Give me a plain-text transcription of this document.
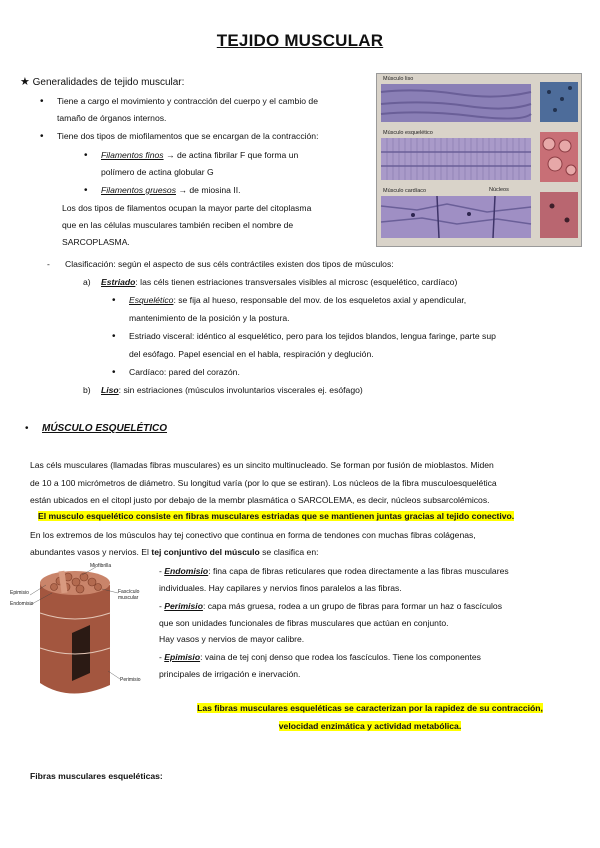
TEJIDO MUSCULAR
★ Generalidades de tejido muscular:
• Tiene a cargo el movimiento y contracción del cuerpo y el cambio de
tamaño de órganos internos.
• Tiene dos tipos de miofilamentos que se encargan de la contracción:
• Filamentos finos → de actina fibrilar F que forma un
polímero de actina globular G
• Filamentos gruesos → de miosina II.
Los dos tipos de filamentos ocupan la mayor parte del citoplasma
que en las células musculares también reciben el nombre de
SARCOPLASMA.
Músculo liso
Músculo esquelético
Músculo cardíaco	Núcleos
- Clasificación: según el aspecto de sus céls contráctiles existen dos tipos de músculos:
a) Estriado: las céls tienen estriaciones transversales visibles al microsc (esquelético, cardíaco)
• Esquelético: se fija al hueso, responsable del mov. de los esqueletos axial y apendicular,
mantenimiento de la posición y la postura.
• Estriado visceral: idéntico al esquelético, pero para los tejidos blandos, lengua faringe, parte sup
del esófago. Papel esencial en el habla, respiración y deglución.
• Cardíaco: pared del corazón.
b) Liso: sin estriaciones (músculos involuntarios viscerales ej. esófago)
• MÚSCULO ESQUELÉTICO
Las céls musculares (llamadas fibras musculares) es un sincito multinucleado. Se forman por fusión de mioblastos. Miden
de 10 a 100 micrómetros de diámetro. Su longitud varía (por lo que se estiran). Los núcleos de la fibra musculoesquelética
están ubicados en el citopl justo por debajo de la membr plasmática o SARCOLEMA, es decir, núcleos subsarcolémicos.
El musculo esquelético consiste en fibras musculares estriadas que se mantienen juntas gracias al tejido conectivo.
En los extremos de los músculos hay tej conectivo que continua en forma de tendones con muchas fibras colágenas,
abundantes vasos y nervios. El tej conjuntivo del músculo se clasifica en:
Miofibrilla
Epimisio
Endomisio
Fascículo muscular
Perimisio
- Endomisio: fina capa de fibras reticulares que rodea directamente a las fibras musculares
individuales. Hay capilares y nervios finos paralelos a las fibras.
- Perimisio: capa más gruesa, rodea a un grupo de fibras para formar un haz o fascículos
que son unidades funcionales de fibras musculares que actúan en conjunto.
Hay vasos y nervios de mayor calibre.
- Epimisio: vaina de tej conj denso que rodea los fascículos. Tiene los componentes
principales de irrigación e inervación.
Las fibras musculares esqueléticas se caracterizan por la rapidez de su contracción,
velocidad enzimática y actividad metabólica.
Fibras musculares esqueléticas:
